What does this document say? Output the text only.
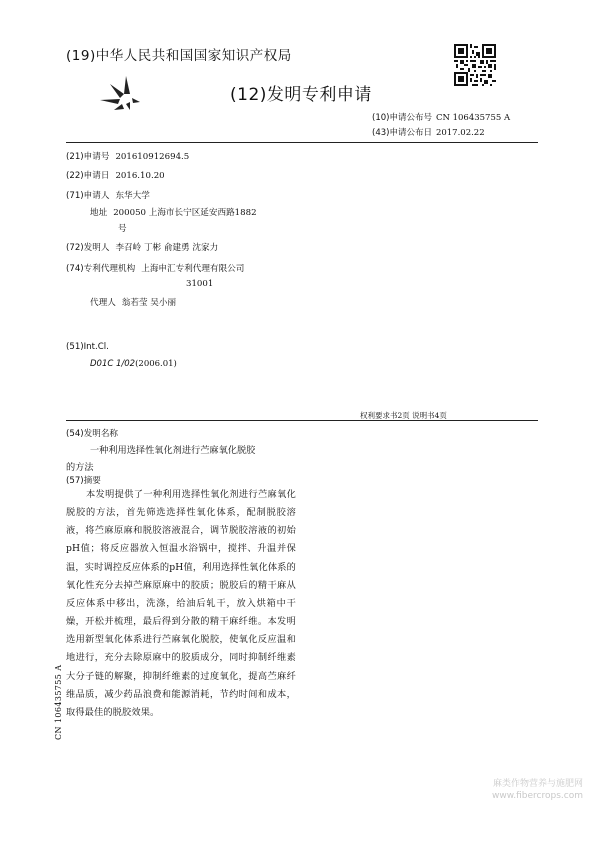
(19)中华人民共和国国家知识产权局
(12)发明专利申请
(10)申请公布号 CN 106435755 A
(43)申请公布日 2017.02.22
(21)申请号 201610912694.5
(22)申请日 2016.10.20
(71)申请人 东华大学
地址 200050 上海市长宁区延安西路1882
号
(72)发明人 李召岭 丁彬 俞建勇 沈家力
(74)专利代理机构 上海申汇专利代理有限公司
31001
代理人 翁若莹 吴小丽
(51)Int.Cl.
D01C 1/02(2006.01)
权利要求书2页 说明书4页
(54)发明名称
一种利用选择性氧化剂进行苎麻氧化脱胶
的方法
(57)摘要
本发明提供了一种利用选择性氧化剂进行苎麻氧化脱胶的方法，首先筛选选择性氧化体系，配制脱胶溶液，将苎麻原麻和脱胶溶液混合，调节脱胶溶液的初始pH值；将反应器放入恒温水浴锅中，搅拌、升温并保温，实时调控反应体系的pH值，利用选择性氧化体系的氧化性充分去掉苎麻原麻中的胶质；脱胶后的精干麻从反应体系中移出，洗涤，给油后轧干，放入烘箱中干燥，开松并梳理，最后得到分散的精干麻纤维。本发明选用新型氧化体系进行苎麻氧化脱胶，使氧化反应温和地进行，充分去除原麻中的胶质成分，同时抑制纤维素大分子链的解聚，抑制纤维素的过度氧化，提高苎麻纤维品质，减少药品浪费和能源消耗，节约时间和成本，取得最佳的脱胶效果。
CN 106435755 A
麻类作物营养与施肥网
www.fibercrops.com
